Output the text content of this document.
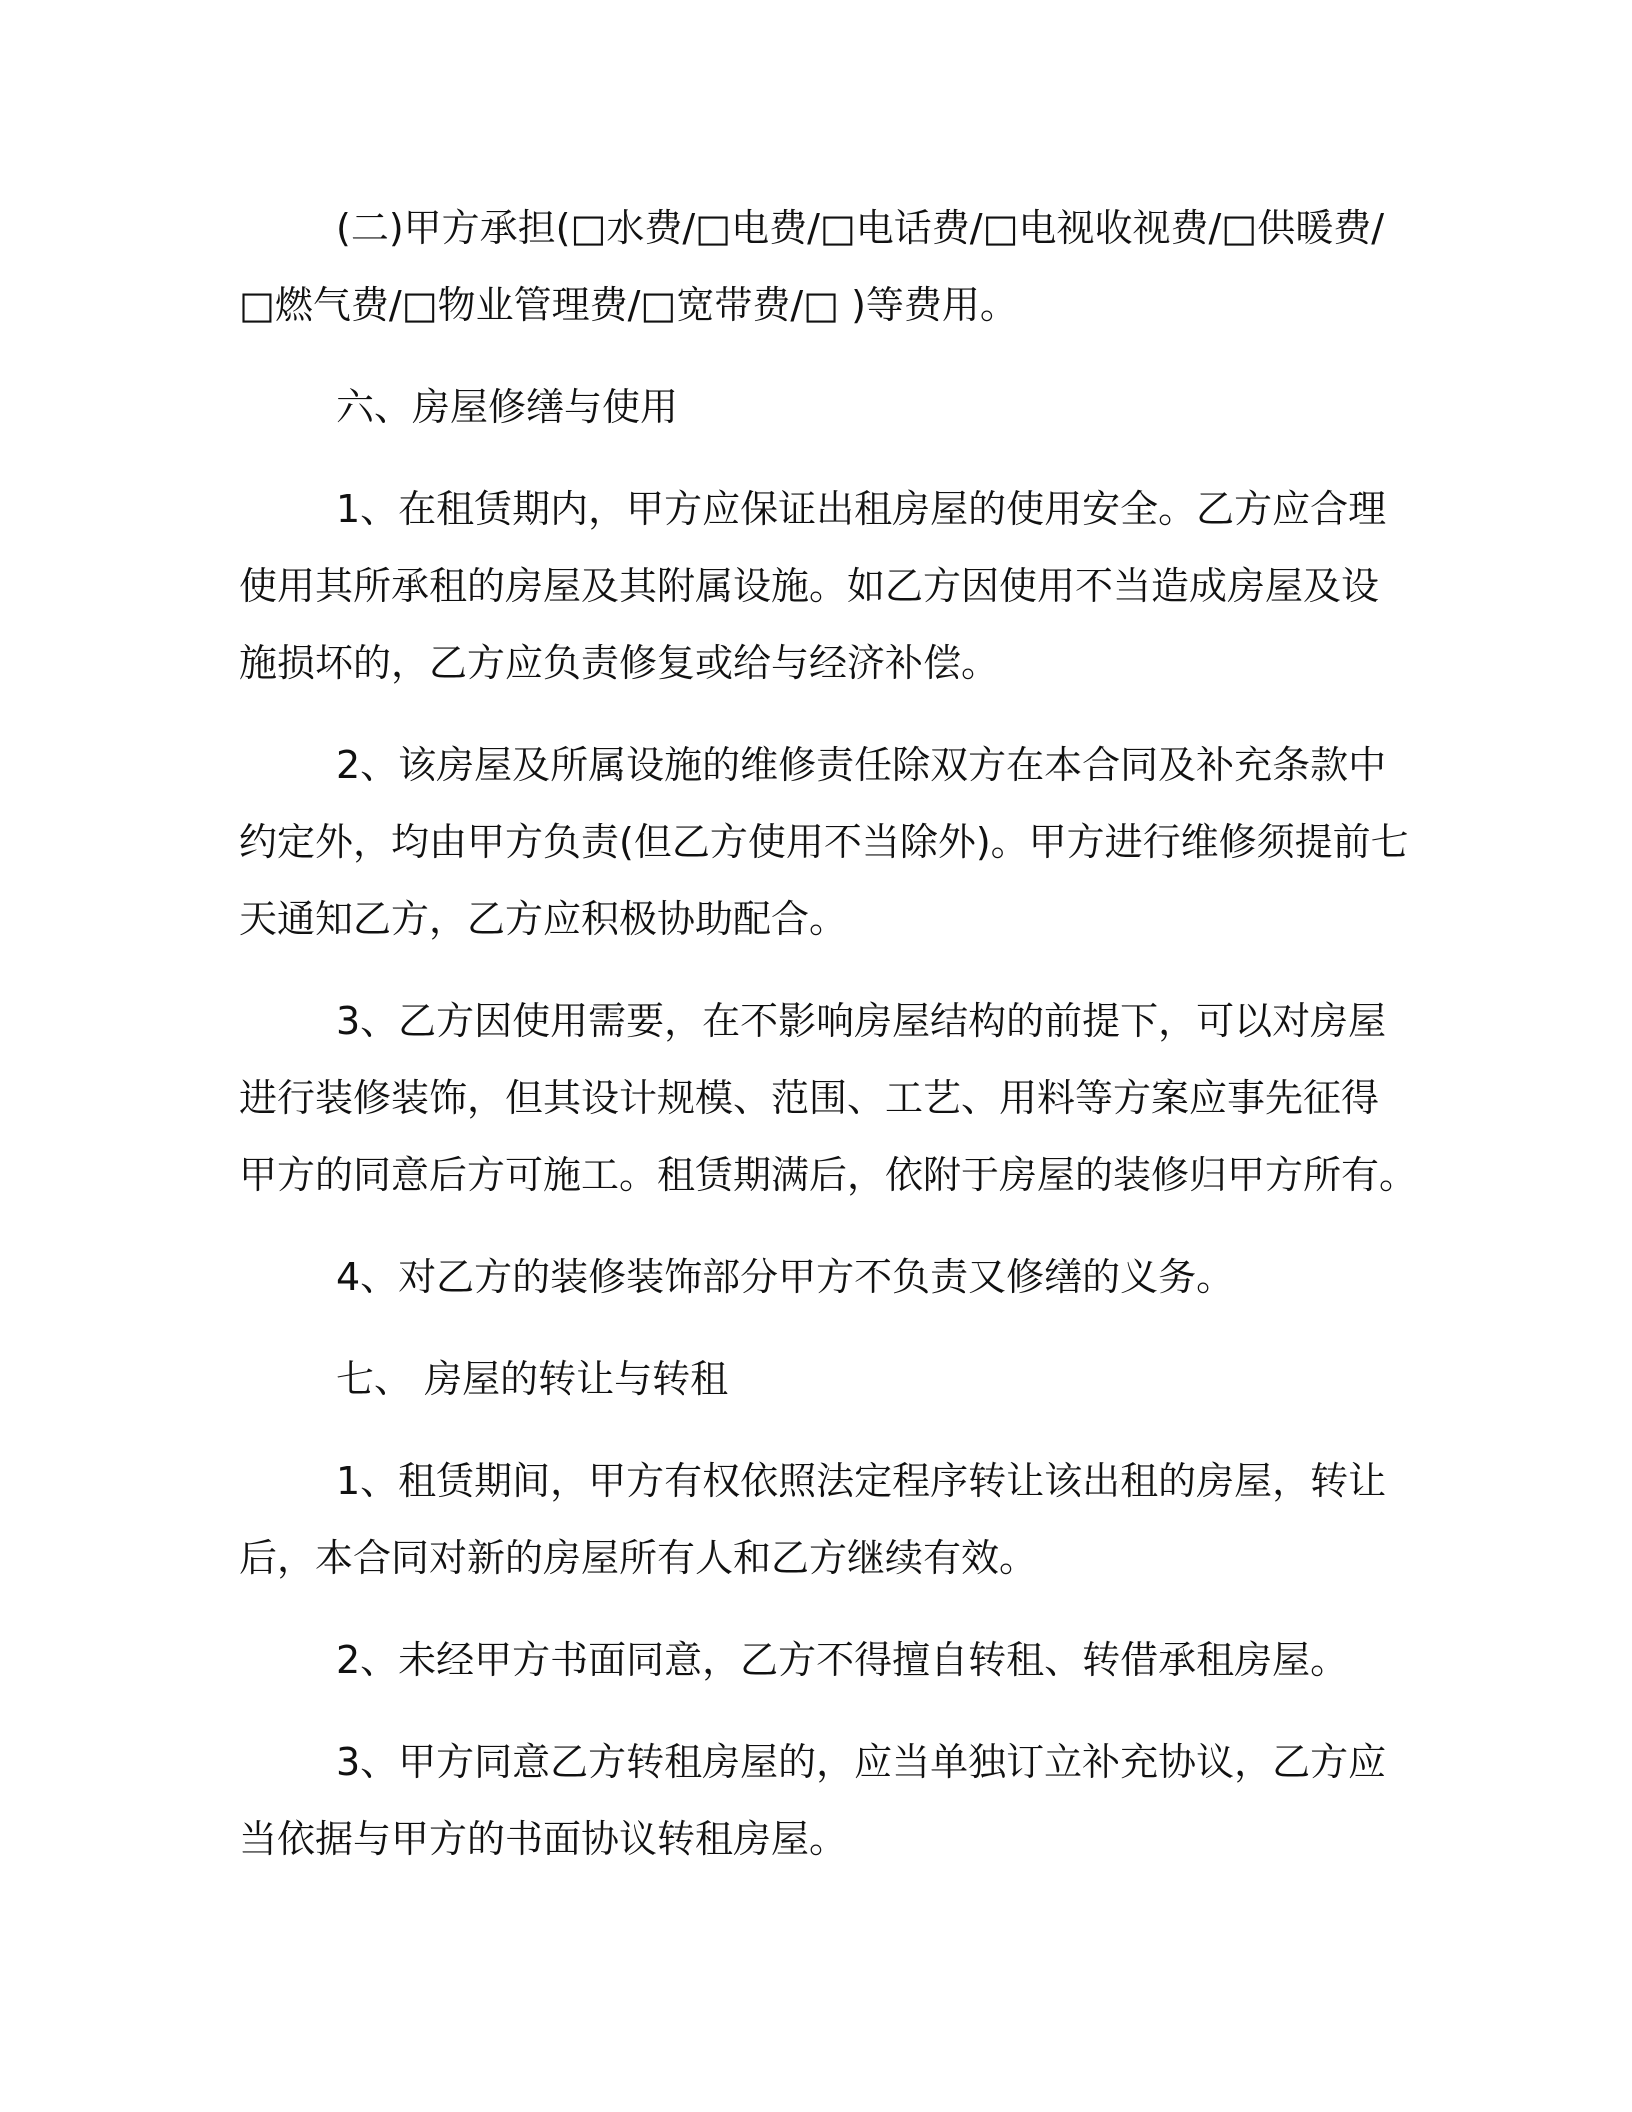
(二)甲方承担(□水费/□电费/□电话费/□电视收视费/□供暖费/
□燃气费/□物业管理费/□宽带费/□ )等费用。
六、房屋修缮与使用
1、在租赁期内，甲方应保证出租房屋的使用安全。乙方应合理
使用其所承租的房屋及其附属设施。如乙方因使用不当造成房屋及设
施损坏的，乙方应负责修复或给与经济补偿。
2、该房屋及所属设施的维修责任除双方在本合同及补充条款中
约定外，均由甲方负责(但乙方使用不当除外)。甲方进行维修须提前七
天通知乙方，乙方应积极协助配合。
3、乙方因使用需要，在不影响房屋结构的前提下，可以对房屋
进行装修装饰，但其设计规模、范围、工艺、用料等方案应事先征得
甲方的同意后方可施工。租赁期满后，依附于房屋的装修归甲方所有。
4、对乙方的装修装饰部分甲方不负责又修缮的义务。
七、 房屋的转让与转租
1、租赁期间，甲方有权依照法定程序转让该出租的房屋，转让
后，本合同对新的房屋所有人和乙方继续有效。
2、未经甲方书面同意，乙方不得擅自转租、转借承租房屋。
3、甲方同意乙方转租房屋的，应当单独订立补充协议，乙方应
当依据与甲方的书面协议转租房屋。
